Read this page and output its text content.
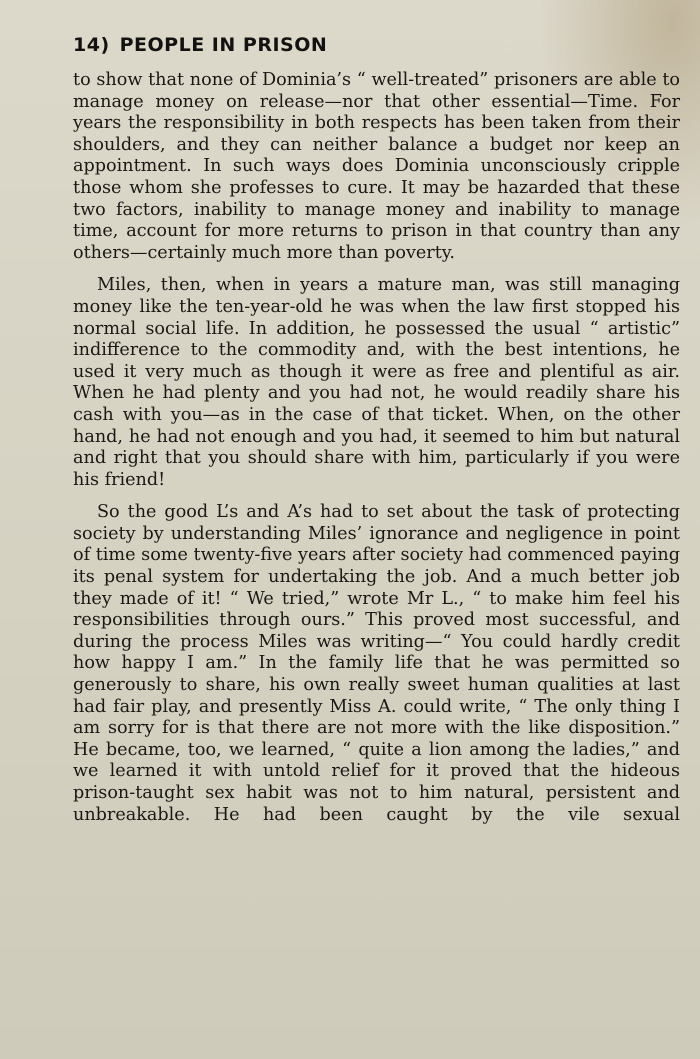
14) PEOPLE IN PRISON

to show that none of Dominia’s “ well-treated” prisoners are able to manage money on release—nor that other essential—Time. For years the responsibility in both respects has been taken from their shoulders, and they can neither balance a budget nor keep an appointment. In such ways does Dominia unconsciously cripple those whom she professes to cure. It may be hazarded that these two factors, inability to manage money and inability to manage time, account for more returns to prison in that country than any others—certainly much more than poverty.

Miles, then, when in years a mature man, was still managing money like the ten-year-old he was when the law first stopped his normal social life. In addition, he possessed the usual “ artistic” indifference to the commodity and, with the best intentions, he used it very much as though it were as free and plentiful as air. When he had plenty and you had not, he would readily share his cash with you—as in the case of that ticket. When, on the other hand, he had not enough and you had, it seemed to him but natural and right that you should share with him, particularly if you were his friend!

So the good L’s and A’s had to set about the task of protecting society by understanding Miles’ ignorance and negligence in point of time some twenty-five years after society had commenced paying its penal system for undertaking the job. And a much better job they made of it! “ We tried,” wrote Mr L., “ to make him feel his responsibilities through ours.” This proved most successful, and during the process Miles was writing—“ You could hardly credit how happy I am.” In the family life that he was permitted so generously to share, his own really sweet human qualities at last had fair play, and presently Miss A. could write, “ The only thing I am sorry for is that there are not more with the like disposition.” He became, too, we learned, “ quite a lion among the ladies,” and we learned it with untold relief for it proved that the hideous prison-taught sex habit was not to him natural, persistent and unbreakable. He had been caught by the vile sexual
